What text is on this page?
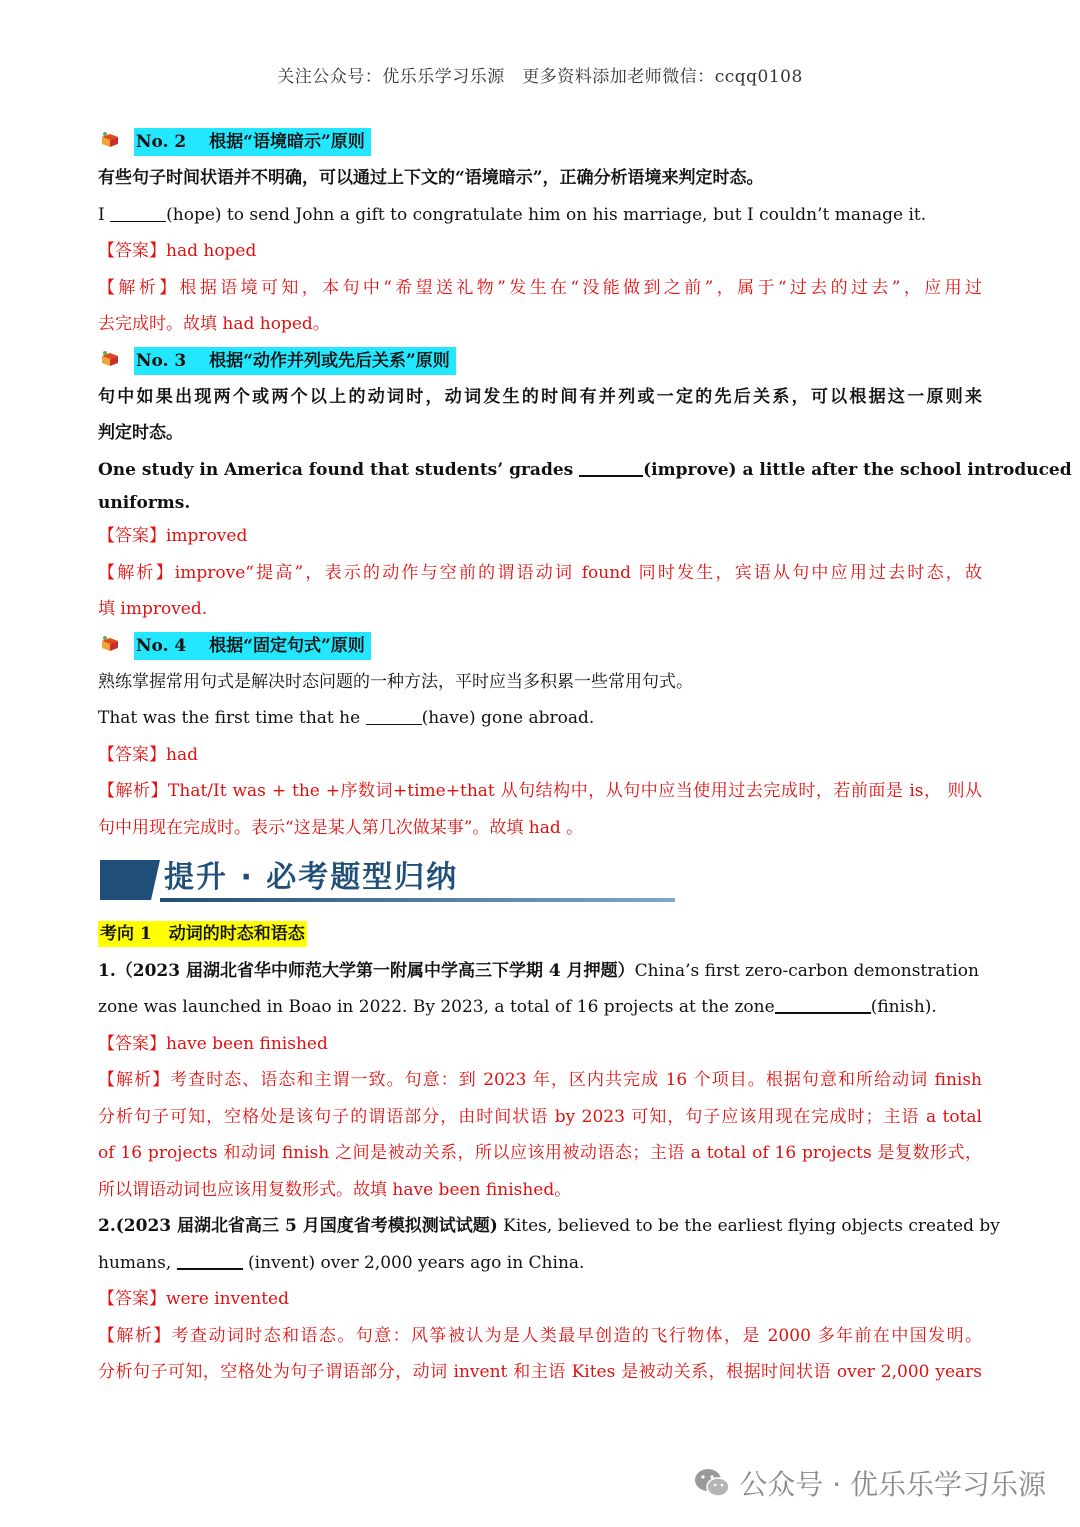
关注公众号：优乐乐学习乐源　更多资料添加老师微信：ccqq0108
No. 2　 根据“语境暗示”原则
有些句子时间状语并不明确，可以通过上下文的“语境暗示”，正确分析语境来判定时态。
I	(hope) to send John a gift to congratulate him on his marriage, but I couldn’t manage it.
【答案】had hoped
【解析】根据语境可知，本句中“希望送礼物”发生在“没能做到之前”，属于“过去的过去”，应用过
去完成时。故填 had hoped。
No. 3　 根据“动作并列或先后关系”原则
句中如果出现两个或两个以上的动词时，动词发生的时间有并列或一定的先后关系，可以根据这一原则来
判定时态。
One study in America found that students’ grades	(improve) a little after the school introduced
uniforms.
【答案】improved
【解析】improve“提高”，表示的动作与空前的谓语动词 found 同时发生，宾语从句中应用过去时态，故
填 improved.
No. 4　 根据“固定句式”原则
熟练掌握常用句式是解决时态问题的一种方法，平时应当多积累一些常用句式。
That was the first time that he	(have) gone abroad.
【答案】had
【解析】That/It was + the +序数词+time+that 从句结构中，从句中应当使用过去完成时，若前面是 is， 则从
句中用现在完成时。表示“这是某人第几次做某事”。故填 had 。
提升 · 必考题型归纳
考向 1　动词的时态和语态
1.（2023 届湖北省华中师范大学第一附属中学高三下学期 4 月押题）China’s first zero-carbon demonstration
zone was launched in Boao in 2022. By 2023, a total of 16 projects at the zone	(finish).
【答案】have been finished
【解析】考查时态、语态和主谓一致。句意：到 2023 年，区内共完成 16 个项目。根据句意和所给动词 finish
分析句子可知，空格处是该句子的谓语部分，由时间状语 by 2023 可知，句子应该用现在完成时；主语 a total
of 16 projects 和动词 finish 之间是被动关系，所以应该用被动语态；主语 a total of 16 projects 是复数形式，
所以谓语动词也应该用复数形式。故填 have been finished。
2.(2023 届湖北省高三 5 月国度省考模拟测试试题) Kites, believed to be the earliest flying objects created by
humans,	(invent) over 2,000 years ago in China.
【答案】were invented
【解析】考查动词时态和语态。句意：风筝被认为是人类最早创造的飞行物体，是 2000 多年前在中国发明。
分析句子可知，空格处为句子谓语部分，动词 invent 和主语 Kites 是被动关系，根据时间状语 over 2,000 years
公众号 · 优乐乐学习乐源
